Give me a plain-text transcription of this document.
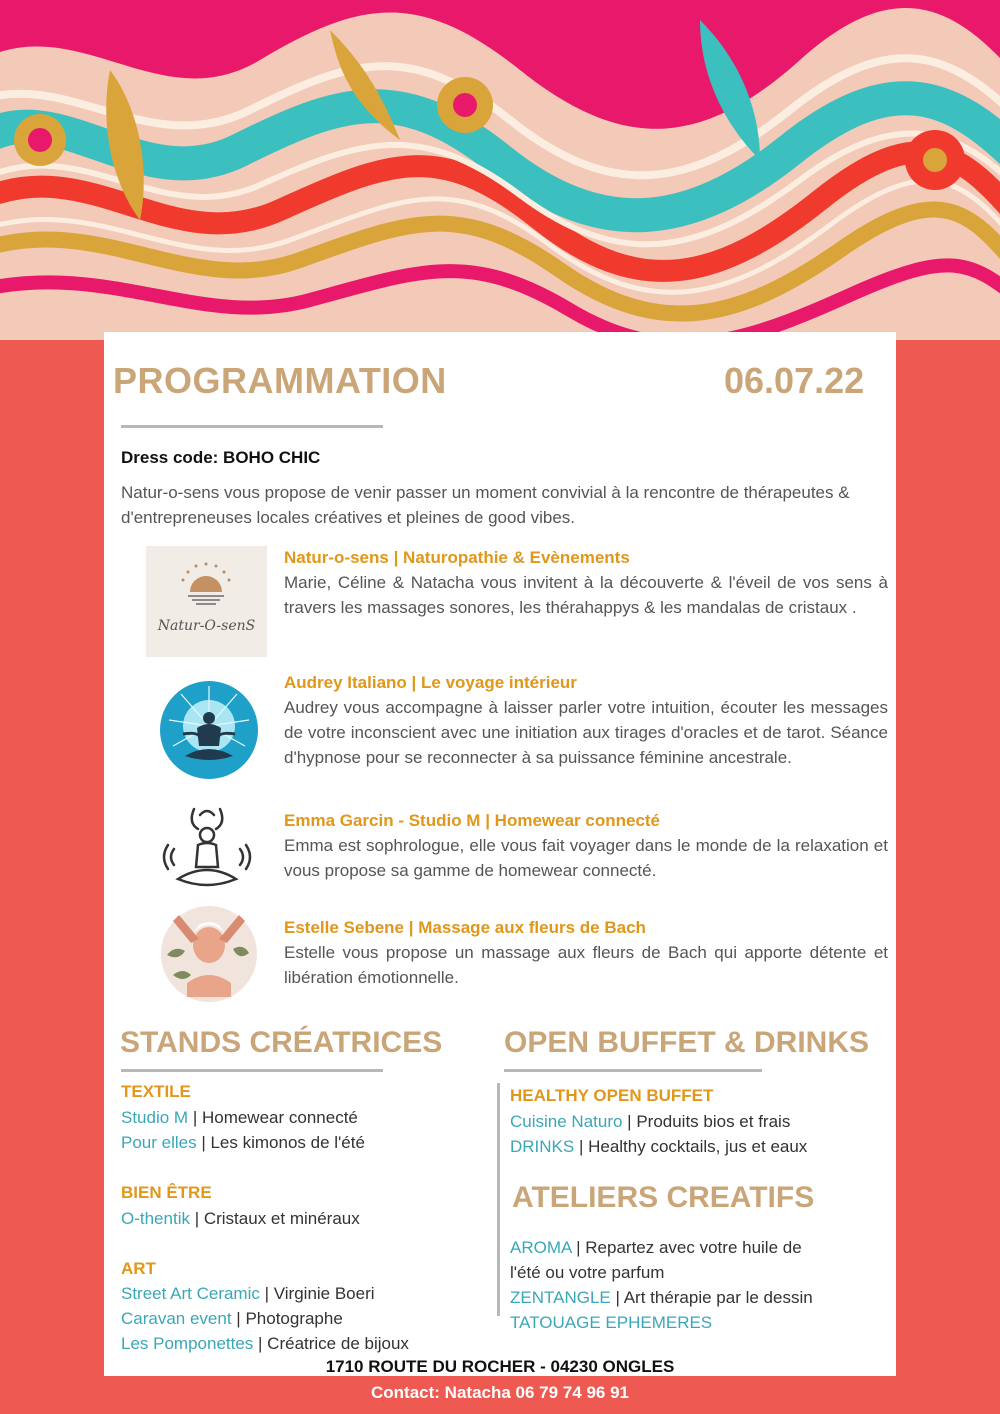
PROGRAMMATION	06.07.22
Dress code: BOHO CHIC

Natur-o-sens vous propose de venir passer un moment convivial à la rencontre de thérapeutes & d'entrepreneuses locales créatives et pleines de good vibes.

Natur-O-senS
Natur-o-sens | Naturopathie & Evènements
Marie, Céline & Natacha vous invitent à la découverte & l'éveil de vos sens à travers les massages sonores, les thérahappys & les mandalas de cristaux .
Audrey Italiano | Le voyage intérieur
Audrey vous accompagne à laisser parler votre intuition, écouter les messages de votre inconscient avec une initiation aux tirages d'oracles et de tarot. Séance d'hypnose pour se reconnecter à sa puissance féminine ancestrale.
Emma Garcin - Studio M | Homewear connecté
Emma est sophrologue, elle vous fait voyager dans le monde de la relaxation et vous propose sa gamme de homewear connecté.
Estelle Sebene | Massage aux fleurs de Bach
Estelle vous propose un massage aux fleurs de Bach qui apporte détente et libération émotionnelle.
STANDS CRÉATRICES
TEXTILE
Studio M | Homewear connecté
Pour elles | Les kimonos de l'été
BIEN ÊTRE
O-thentik | Cristaux et minéraux
ART
Street Art Ceramic | Virginie Boeri
Caravan event | Photographe
Les Pomponettes | Créatrice de bijoux
OPEN BUFFET & DRINKS
HEALTHY OPEN BUFFET
Cuisine Naturo | Produits bios et frais
DRINKS | Healthy cocktails, jus et eaux
ATELIERS CREATIFS
AROMA | Repartez avec votre huile de
l'été ou votre parfum
ZENTANGLE | Art thérapie par le dessin
TATOUAGE EPHEMERES
1710 ROUTE DU ROCHER - 04230 ONGLES
Contact: Natacha 06 79 74 96 91
